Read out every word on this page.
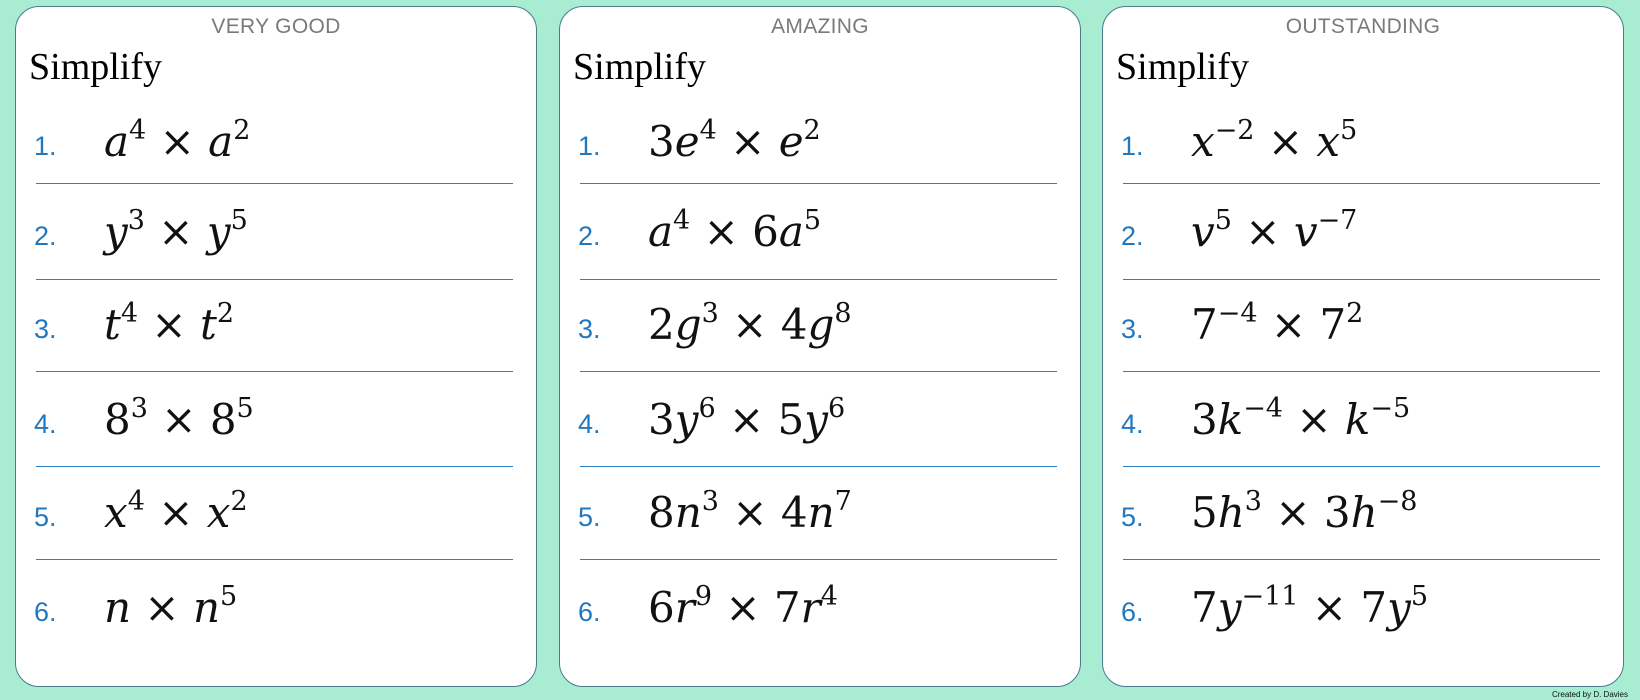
VERY GOOD
Simplify
1. $a^4 \times a^2$
2. $y^3 \times y^5$
3. $t^4 \times t^2$
4. $8^3 \times 8^5$
5. $x^4 \times x^2$
6. $n \times n^5$
AMAZING
Simplify
1. $3e^4 \times e^2$
2. $a^4 \times 6a^5$
3. $2g^3 \times 4g^8$
4. $3y^6 \times 5y^6$
5. $8n^3 \times 4n^7$
6. $6r^9 \times 7r^4$
OUTSTANDING
Simplify
1. $x^{-2} \times x^5$
2. $v^5 \times v^{-7}$
3. $7^{-4} \times 7^2$
4. $3k^{-4} \times k^{-5}$
5. $5h^3 \times 3h^{-8}$
6. $7y^{-11} \times 7y^5$
Created by D. Davies
